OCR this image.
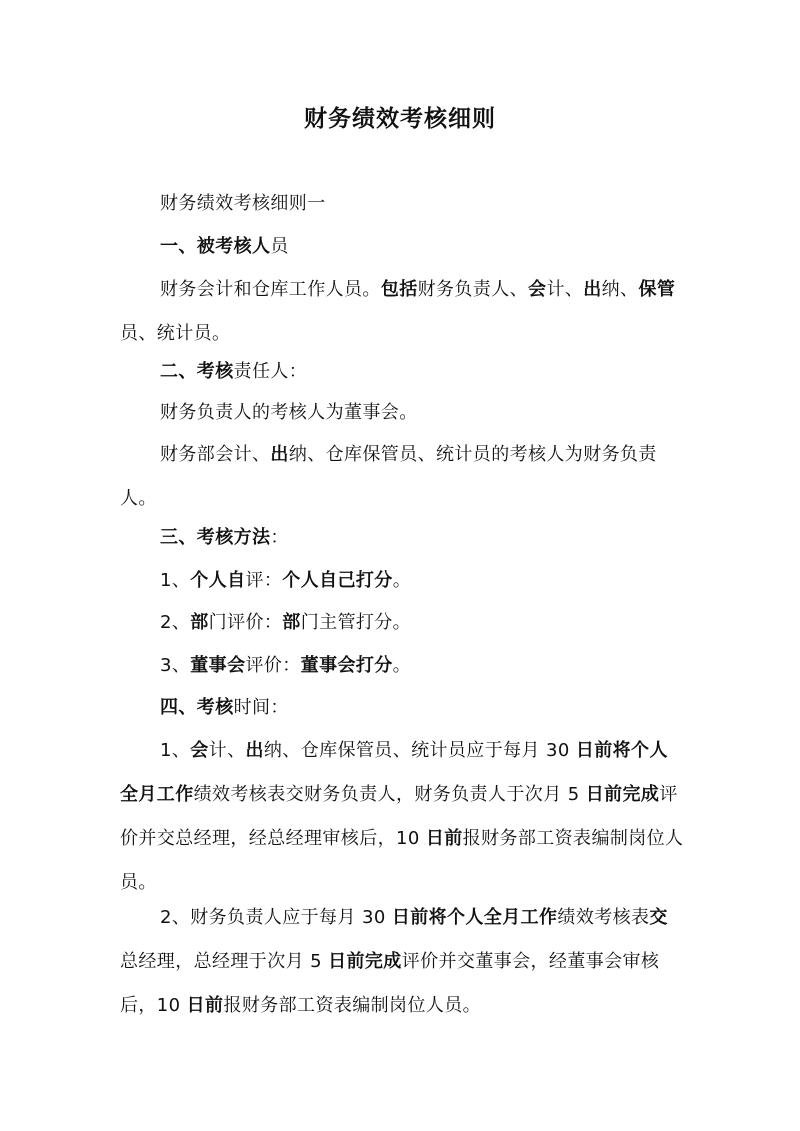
财务绩效考核细则

财务绩效考核细则一

一、被考核人员

财务会计和仓库工作人员。包括财务负责人、会计、出纳、保管员、统计员。

二、考核责任人：

财务负责人的考核人为董事会。

财务部会计、出纳、仓库保管员、统计员的考核人为财务负责人。

三、考核方法：

1、个人自评：个人自己打分。

2、部门评价：部门主管打分。

3、董事会评价：董事会打分。

四、考核时间：

1、会计、出纳、仓库保管员、统计员应于每月 30 日前将个人全月工作绩效考核表交财务负责人，财务负责人于次月 5 日前完成评价并交总经理，经总经理审核后，10 日前报财务部工资表编制岗位人员。

2、财务负责人应于每月 30 日前将个人全月工作绩效考核表交总经理，总经理于次月 5 日前完成评价并交董事会，经董事会审核后，10 日前报财务部工资表编制岗位人员。
